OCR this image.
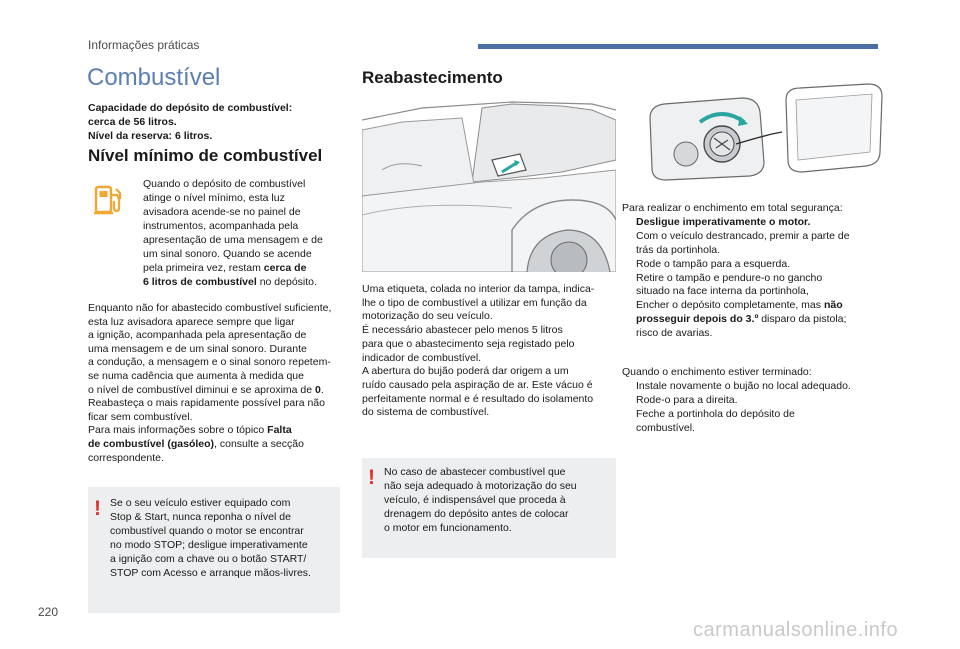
Informações práticas
Combustível
Capacidade do depósito de combustível:
cerca de 56 litros.
Nível da reserva: 6 litros.
Nível mínimo de combustível
Quando o depósito de combustível
atinge o nível mínimo, esta luz
avisadora acende-se no painel de
instrumentos, acompanhada pela
apresentação de uma mensagem e de
um sinal sonoro. Quando se acende
pela primeira vez, restam cerca de
6 litros de combustível no depósito.
Enquanto não for abastecido combustível suficiente,
esta luz avisadora aparece sempre que ligar
a ignição, acompanhada pela apresentação de
uma mensagem e de um sinal sonoro. Durante
a condução, a mensagem e o sinal sonoro repetem-
se numa cadência que aumenta à medida que
o nível de combustível diminui e se aproxima de 0.
Reabasteça o mais rapidamente possível para não
ficar sem combustível.
Para mais informações sobre o tópico Falta
de combustível (gasóleo), consulte a secção
correspondente.
! Se o seu veículo estiver equipado com
Stop & Start, nunca reponha o nível de
combustível quando o motor se encontrar
no modo STOP; desligue imperativamente
a ignição com a chave ou o botão START/
STOP com Acesso e arranque mãos-livres.
Reabastecimento
Uma etiqueta, colada no interior da tampa, indica-
lhe o tipo de combustível a utilizar em função da
motorização do seu veículo.
É necessário abastecer pelo menos 5 litros
para que o abastecimento seja registado pelo
indicador de combustível.
A abertura do bujão poderá dar origem a um
ruído causado pela aspiração de ar. Este vácuo é
perfeitamente normal e é resultado do isolamento
do sistema de combustível.
! No caso de abastecer combustível que
não seja adequado à motorização do seu
veículo, é indispensável que proceda à
drenagem do depósito antes de colocar
o motor em funcionamento.
Para realizar o enchimento em total segurança:
Desligue imperativamente o motor.
Com o veículo destrancado, premir a parte de
trás da portinhola.
Rode o tampão para a esquerda.
Retire o tampão e pendure-o no gancho
situado na face interna da portinhola,
Encher o depósito completamente, mas não
prosseguir depois do 3.º disparo da pistola;
risco de avarias.
Quando o enchimento estiver terminado:
Instale novamente o bujão no local adequado.
Rode-o para a direita.
Feche a portinhola do depósito de
combustível.
220
carmanualsonline.info
